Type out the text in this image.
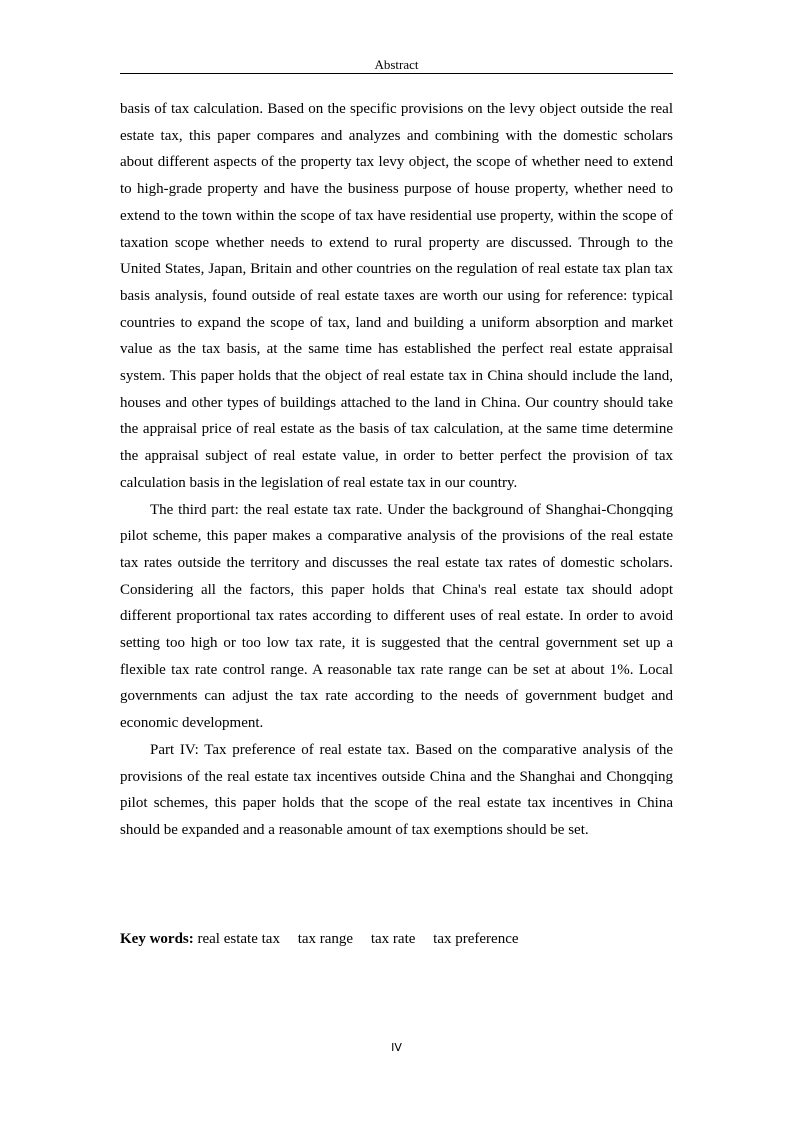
Abstract

basis of tax calculation. Based on the specific provisions on the levy object outside the real estate tax, this paper compares and analyzes and combining with the domestic scholars about different aspects of the property tax levy object, the scope of whether need to extend to high-grade property and have the business purpose of house property, whether need to extend to the town within the scope of tax have residential use property, within the scope of taxation scope whether needs to extend to rural property are discussed. Through to the United States, Japan, Britain and other countries on the regulation of real estate tax plan tax basis analysis, found outside of real estate taxes are worth our using for reference: typical countries to expand the scope of tax, land and building a uniform absorption and market value as the tax basis, at the same time has established the perfect real estate appraisal system. This paper holds that the object of real estate tax in China should include the land, houses and other types of buildings attached to the land in China. Our country should take the appraisal price of real estate as the basis of tax calculation, at the same time determine the appraisal subject of real estate value, in order to better perfect the provision of tax calculation basis in the legislation of real estate tax in our country.

The third part: the real estate tax rate. Under the background of Shanghai-Chongqing pilot scheme, this paper makes a comparative analysis of the provisions of the real estate tax rates outside the territory and discusses the real estate tax rates of domestic scholars. Considering all the factors, this paper holds that China's real estate tax should adopt different proportional tax rates according to different uses of real estate. In order to avoid setting too high or too low tax rate, it is suggested that the central government set up a flexible tax rate control range. A reasonable tax rate range can be set at about 1%. Local governments can adjust the tax rate according to the needs of government budget and economic development.

Part IV: Tax preference of real estate tax. Based on the comparative analysis of the provisions of the real estate tax incentives outside China and the Shanghai and Chongqing pilot schemes, this paper holds that the scope of the real estate tax incentives in China should be expanded and a reasonable amount of tax exemptions should be set.

Key words: real estate tax tax range tax rate tax preference
IV
